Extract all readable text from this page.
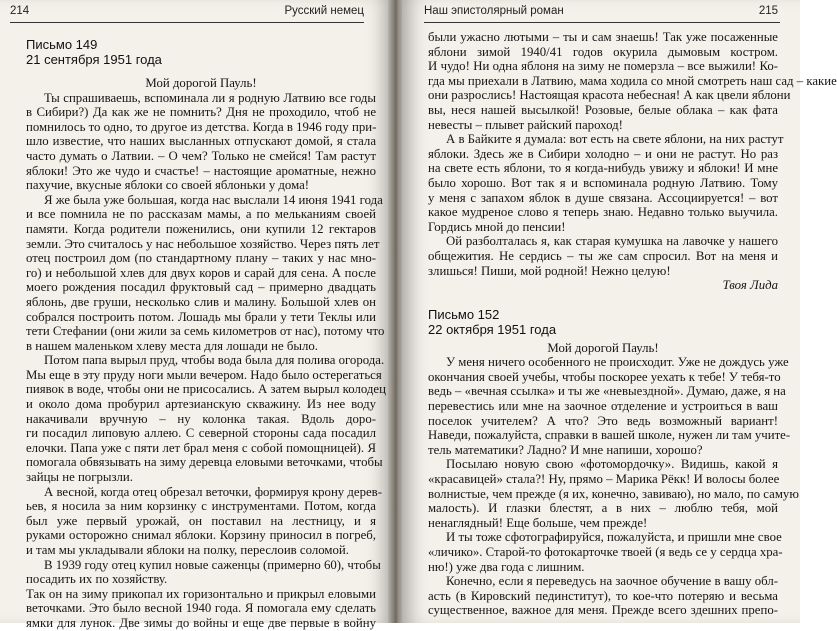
214	Русский немец
Письмо 149
21 сентября 1951 года

Мой дорогой Пауль!

Ты спрашиваешь, вспоминала ли я родную Латвию все годы
в Сибири?) Да как же не помнить? Дня не проходило, чтоб не
помнилось то одно, то другое из детства. Когда в 1946 году при-
шло известие, что наших высланных отпускают домой, я стала
часто думать о Латвии. – О чем? Только не смейся! Там растут
яблоки! Это же чудо и счастье! – настоящие ароматные, нежно
пахучие, вкусные яблоки со своей яблоньки у дома!
Я же была уже большая, когда нас выслали 14 июня 1941 года
и все помнила не по рассказам мамы, а по мельканиям своей
памяти. Когда родители поженились, они купили 12 гектаров
земли. Это считалось у нас небольшое хозяйство. Через пять лет
отец построил дом (по стандартному плану – таких у нас мно-
го) и небольшой хлев для двух коров и сарай для сена. А после
моего рождения посадил фруктовый сад – примерно двадцать
яблонь, две груши, несколько слив и малину. Большой хлев он
собрался построить потом. Лошадь мы брали у тети Теклы или
тети Стефании (они жили за семь километров от нас), потому что
в нашем маленьком хлеву места для лошади не было.
Потом папа вырыл пруд, чтобы вода была для полива огорода.
Мы еще в эту пруду ноги мыли вечером. Надо было остерегаться
пиявок в воде, чтобы они не присосались. А затем вырыл колодец
и около дома пробурил артезианскую скважину. Из нее воду
накачивали вручную – ну колонка такая. Вдоль доро-
ги посадил липовую аллею. С северной стороны сада посадил
елочки. Папа уже с пяти лет брал меня с собой помощницей). Я
помогала обвязывать на зиму деревца еловыми веточками, чтобы
зайцы не погрызли.
А весной, когда отец обрезал веточки, формируя крону дерев-
ьев, я носила за ним корзинку с инструментами. Потом, когда
был уже первый урожай, он поставил на лестницу, и я
руками осторожно снимал яблоки. Корзину приносил в погреб,
и там мы укладывали яблоки на полку, переслоив соломой.
В 1939 году отец купил новые саженцы (примерно 60), чтобы
посадить их по хозяйству.
Так он на зиму прикопал их горизонтально и прикрыл еловыми
веточками. Это было весной 1940 года. Я помогала ему сделать
ямки для лунок. Две зимы до войны и еще две первые в войну
Наш эпистолярный роман	215
были ужасно лютыми – ты и сам знаешь! Так уже посаженные
яблони зимой 1940/41 годов окурила дымовым костром.
И чудо! Ни одна яблоня на зиму не померзла – все выжили! Ко-
гда мы приехали в Латвию, мама ходила со мной смотреть наш сад – какие
они разрослись! Настоящая красота небесная! А как цвели яблони
вы, неся нашей высылкой! Розовые, белые облака – как фата
невесты – плывет райский пароход!
А в Байките я думала: вот есть на свете яблони, на них растут
яблоки. Здесь же в Сибири холодно – и они не растут. Но раз
на свете есть яблони, то я когда-нибудь увижу и яблоки! И мне
было хорошо. Вот так я и вспоминала родную Латвию. Тому
у меня с запахом яблок в душе связана. Ассоциируется! – вот
какое мудреное слово я теперь знаю. Недавно только выучила.
Гордись мной до пенсии!
Ой разболталась я, как старая кумушка на лавочке у нашего
общежития. Не сердись – ты же сам спросил. Вот на меня и
злишься! Пиши, мой родной! Нежно целую!

Твоя Лида

Письмо 152
22 октября 1951 года

Мой дорогой Пауль!

У меня ничего особенного не происходит. Уже не дождусь уже
окончания своей учебы, чтобы поскорее уехать к тебе! У тебя-то
ведь – «вечная ссылка» и ты же «невыездной». Думаю, даже, я на
перевестись или мне на заочное отделение и устроиться в ваш
поселок учителем? А что? Это ведь возможный вариант!
Наведи, пожалуйста, справки в вашей школе, нужен ли там учите-
тель математики? Ладно? И мне напиши, хорошо?
Посылаю новую свою «фотомордочку». Видишь, какой я
«красавицей» стала?! Ну, прямо – Марика Рёкк! И волосы более
волнистые, чем прежде (я их, конечно, завиваю), но мало, по самую
малость). И глазки блестят, а в них – люблю тебя, мой
ненаглядный! Еще больше, чем прежде!
И ты тоже сфотографируйся, пожалуйста, и пришли мне свое
«личико». Старой-то фотокарточке твоей (я ведь се у сердца хра-
ню!) уже два года с лишним.
Конечно, если я переведусь на заочное обучение в вашу обл-
асть (в Кировский пединститут), то кое-что потеряю и весьма
существенное, важное для меня. Прежде всего здешних препо-
